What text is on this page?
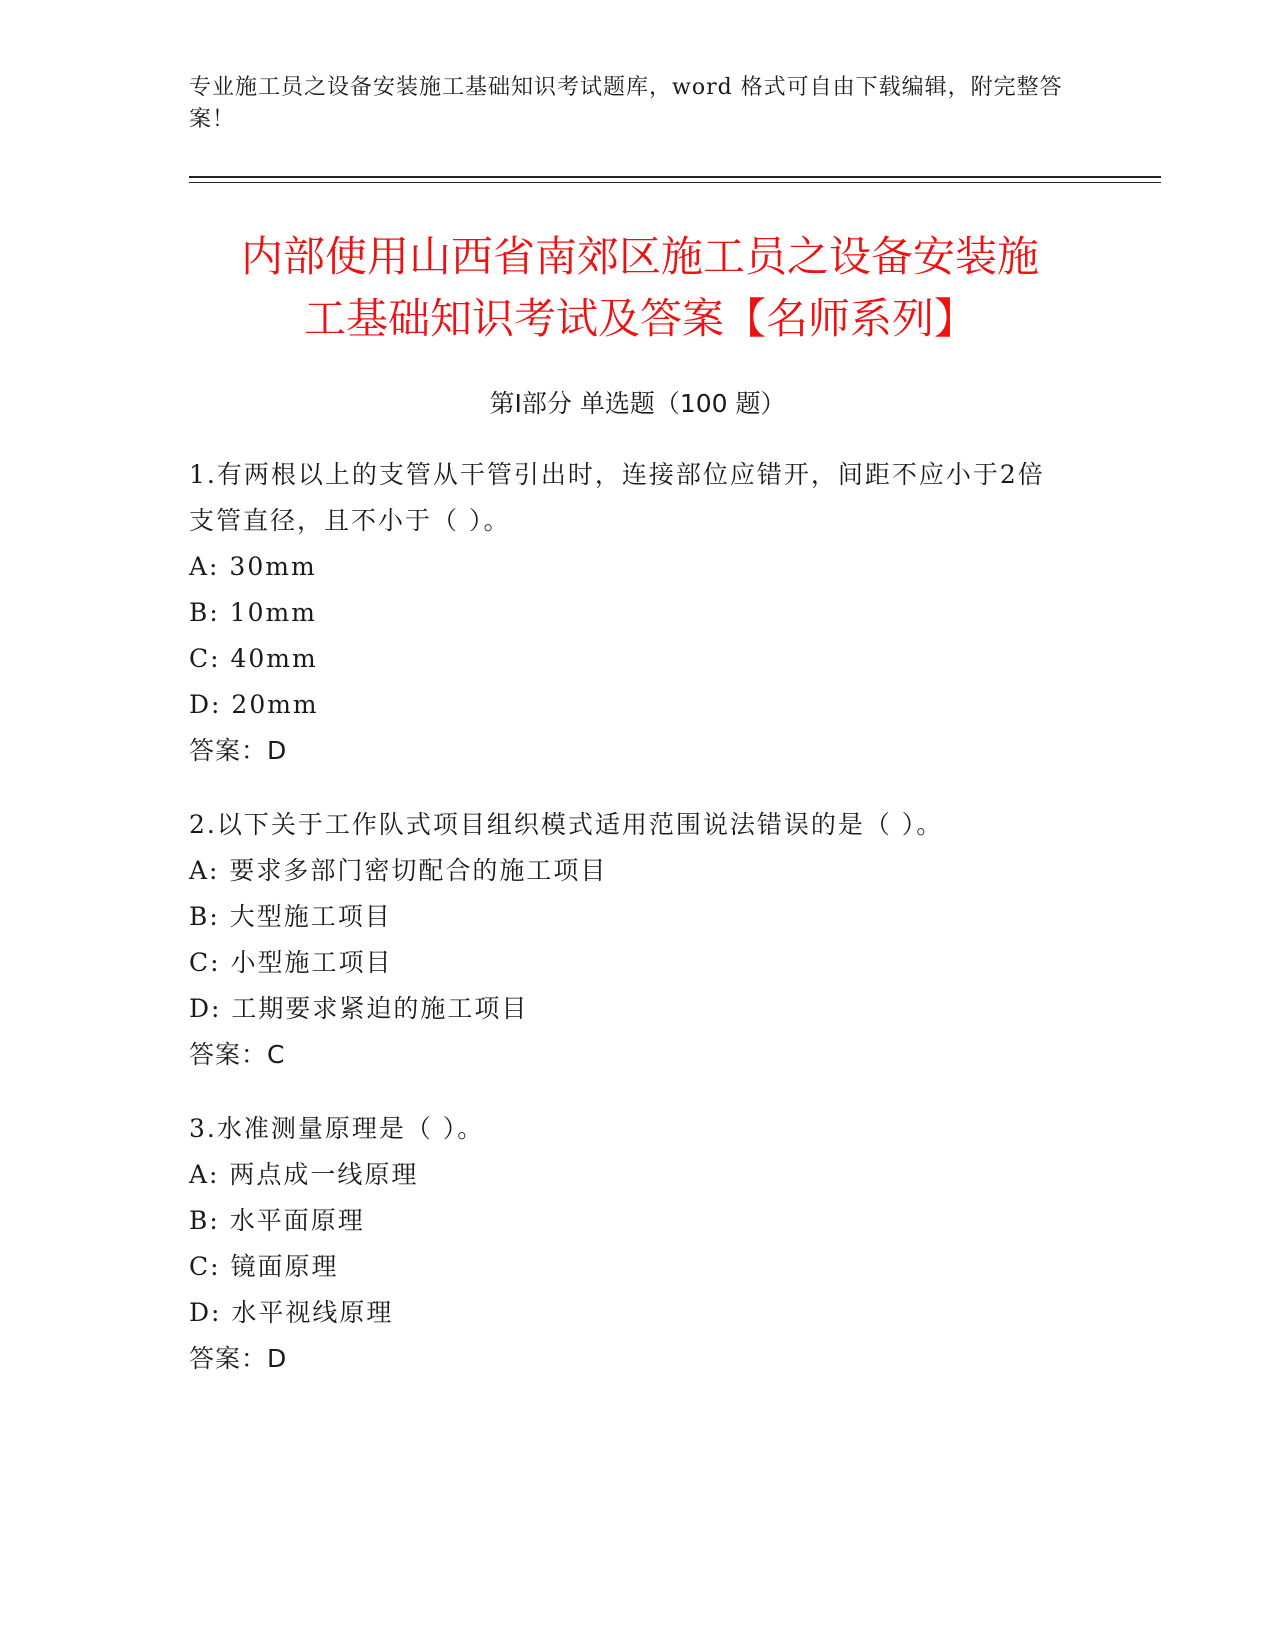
专业施工员之设备安装施工基础知识考试题库，word 格式可自由下载编辑，附完整答案！
内部使用山西省南郊区施工员之设备安装施
工基础知识考试及答案【名师系列】
第Ⅰ部分 单选题（100 题）
1.有两根以上的支管从干管引出时，连接部位应错开，间距不应小于2倍支管直径，且不小于（ ）。
A: 30mm
B: 10mm
C: 40mm
D: 20mm
答案：D
2.以下关于工作队式项目组织模式适用范围说法错误的是（ ）。
A: 要求多部门密切配合的施工项目
B: 大型施工项目
C: 小型施工项目
D: 工期要求紧迫的施工项目
答案：C
3.水准测量原理是（ ）。
A: 两点成一线原理
B: 水平面原理
C: 镜面原理
D: 水平视线原理
答案：D
